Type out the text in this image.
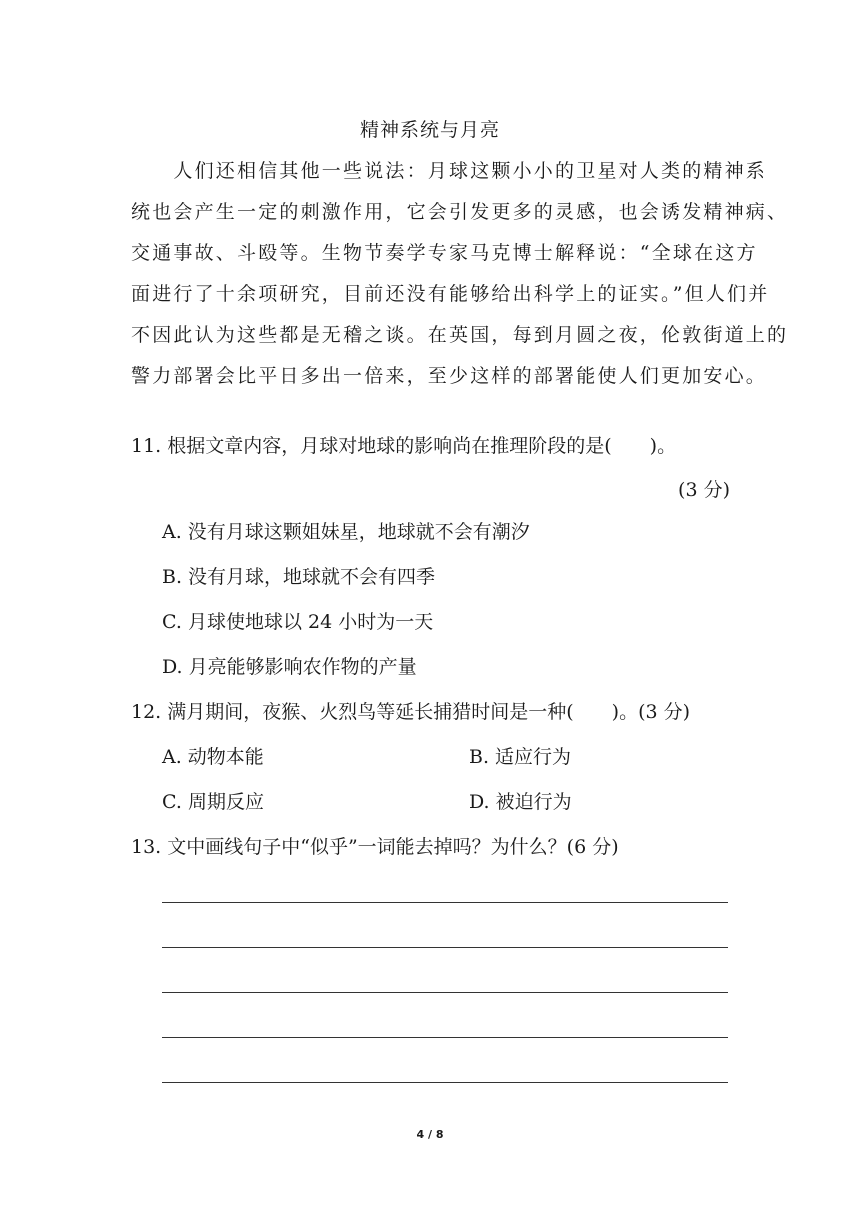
精神系统与月亮
　　人们还相信其他一些说法：月球这颗小小的卫星对人类的精神系
统也会产生一定的刺激作用，它会引发更多的灵感，也会诱发精神病、
交通事故、斗殴等。生物节奏学专家马克博士解释说：“全球在这方
面进行了十余项研究，目前还没有能够给出科学上的证实。”但人们并
不因此认为这些都是无稽之谈。在英国，每到月圆之夜，伦敦街道上的
警力部署会比平日多出一倍来，至少这样的部署能使人们更加安心。
11. 根据文章内容，月球对地球的影响尚在推理阶段的是(　　)。
(3 分)
A. 没有月球这颗姐妹星，地球就不会有潮汐
B. 没有月球，地球就不会有四季
C. 月球使地球以 24 小时为一天
D. 月亮能够影响农作物的产量
12. 满月期间，夜猴、火烈鸟等延长捕猎时间是一种(　　)。(3 分)
A. 动物本能	B. 适应行为
C. 周期反应	D. 被迫行为
13. 文中画线句子中“似乎”一词能去掉吗？为什么？(6 分)
4 / 8
